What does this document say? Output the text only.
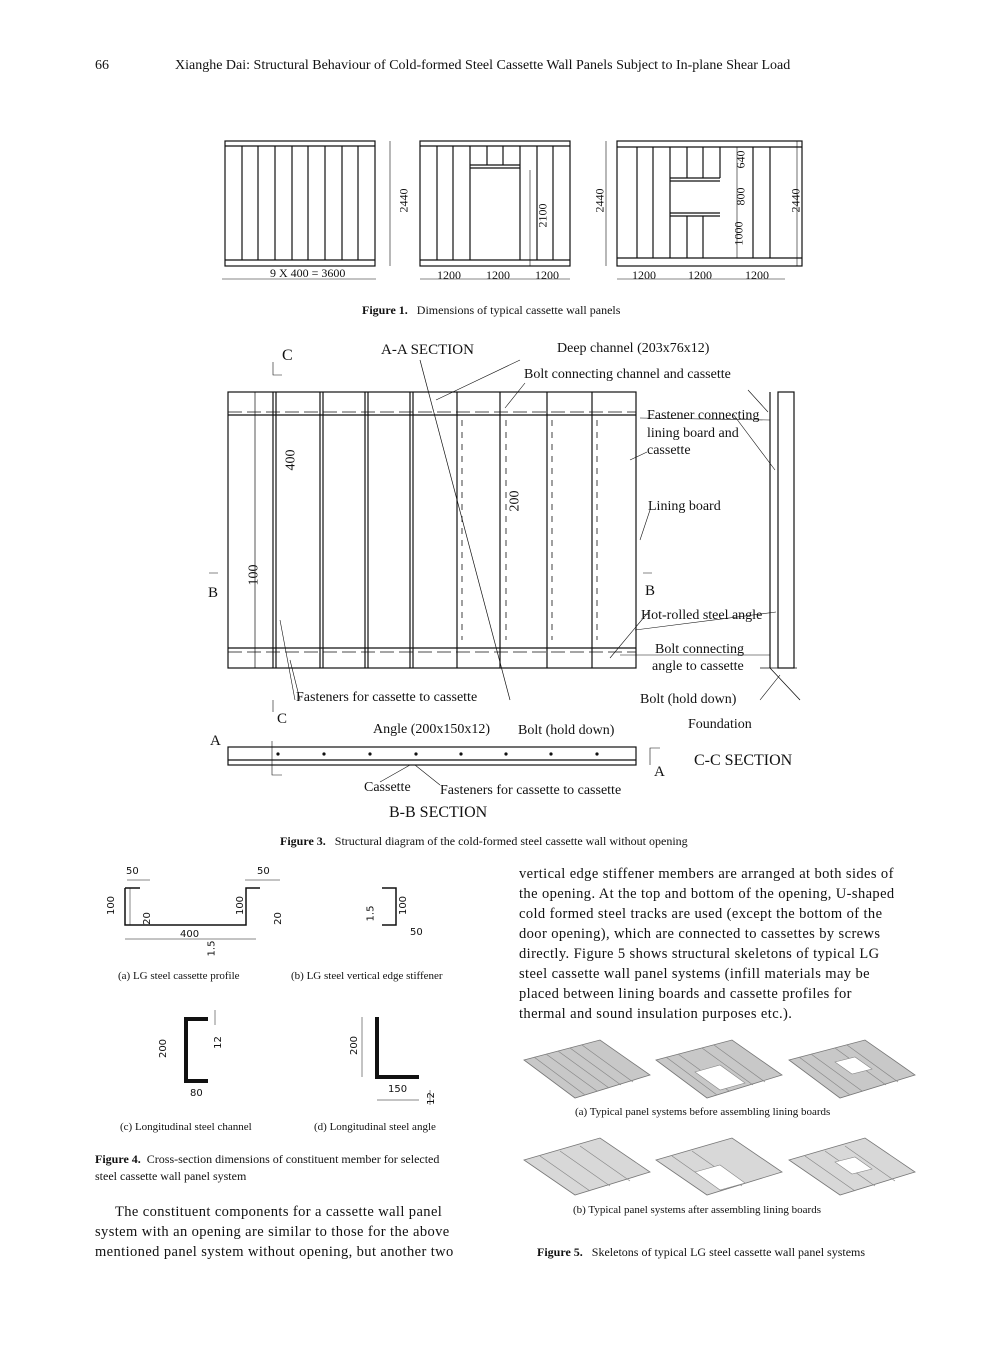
66	Xianghe Dai: Structural Behaviour of Cold-formed Steel Cassette Wall Panels Subject to In-plane Shear Load
2440
2100
2440
640
800
1000
2440
9 X 400 = 3600	1200 1200 1200	1200	1200	1200
Figure 1. Dimensions of typical cassette wall panels
C	A-A SECTION	Deep channel (203x76x12)
Bolt connecting channel and cassette
Fastener connecting
lining board and
cassette
400
200
100
Lining board
B	B
Hot-rolled steel angle
Bolt connecting
angle to cassette
Fasteners for cassette to cassette	Bolt (hold down)
C	Foundation
Angle (200x150x12) Bolt (hold down)
A
C-C SECTION
A
Cassette Fasteners for cassette to cassette
B-B SECTION
Figure 3. Structural diagram of the cold-formed steel cassette wall without opening
50	50
100
20
100
20
400
1.5
1.5 100
50
(a) LG steel cassette profile	(b) LG steel vertical edge stiffener
200	12
80
200
150
12
(c) Longitudinal steel channel	(d) Longitudinal steel angle
Figure 4. Cross-section dimensions of constituent member for selected
steel cassette wall panel system
The constituent components for a cassette wall panel
system with an opening are similar to those for the above
mentioned panel system without opening, but another two
vertical edge stiffener members are arranged at both sides of
the opening. At the top and bottom of the opening, U-shaped
cold formed steel tracks are used (except the bottom of the
door opening), which are connected to cassettes by screws
directly. Figure 5 shows structural skeletons of typical LG
steel cassette wall panel systems (infill materials may be
placed between lining boards and cassette profiles for
thermal and sound insulation purposes etc.).
(a) Typical panel systems before assembling lining boards
(b) Typical panel systems after assembling lining boards
Figure 5. Skeletons of typical LG steel cassette wall panel systems
